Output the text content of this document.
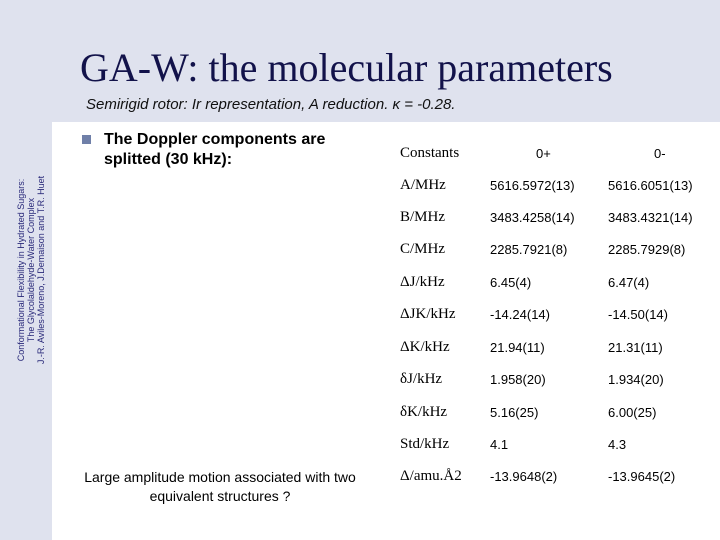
GA-W: the molecular parameters
Semirigid rotor: Ir representation, A reduction. κ = -0.28.
Conformational Flexibility in Hydrated Sugars: The Glycolaldehyde-Water Complex J.-R. Aviles-Moreno, J.Demaison and T.R. Huet
The Doppler components are splitted (30 kHz):
Large amplitude motion associated with two equivalent structures ?
Constants	0+	0-
A/MHz	5616.5972(13)	5616.6051(13)
B/MHz	3483.4258(14)	3483.4321(14)
C/MHz	2285.7921(8)	2285.7929(8)
ΔJ/kHz	6.45(4)	6.47(4)
ΔJK/kHz	-14.24(14)	-14.50(14)
ΔK/kHz	21.94(11)	21.31(11)
δJ/kHz	1.958(20)	1.934(20)
δK/kHz	5.16(25)	6.00(25)
Std/kHz	4.1	4.3
Δ/amu.Å2 -13.9648(2)	-13.9645(2)
